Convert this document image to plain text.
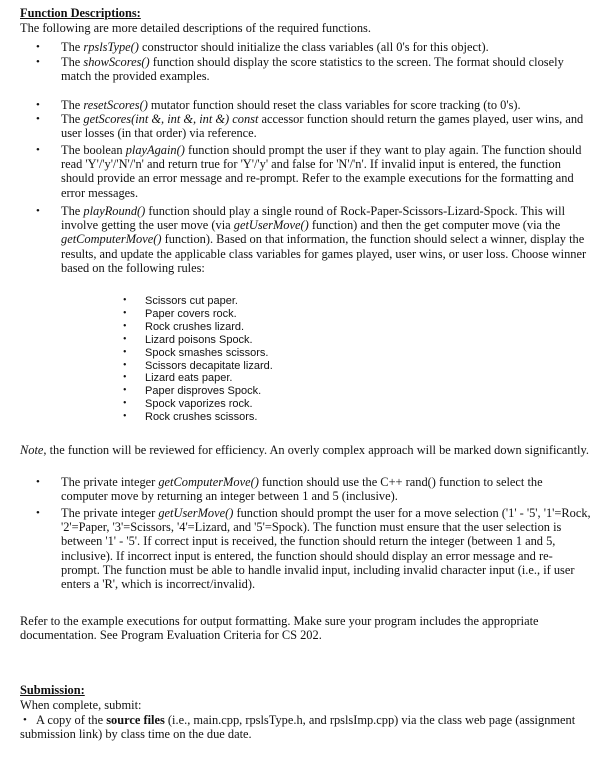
Function Descriptions:
The following are more detailed descriptions of the required functions.
• The rpslsType() constructor should initialize the class variables (all 0's for this object).
• The showScores() function should display the score statistics to the screen. The format should closely match the provided examples.
• The resetScores() mutator function should reset the class variables for score tracking (to 0's).
• The getScores(int &, int &, int &) const accessor function should return the games played, user wins, and user losses (in that order) via reference.
• The boolean playAgain() function should prompt the user if they want to play again. The function should read 'Y'/'y'/'N'/'n' and return true for 'Y'/'y' and false for 'N'/'n'. If invalid input is entered, the function should provide an error message and re-prompt. Refer to the example executions for the formatting and error messages.
• The playRound() function should play a single round of Rock-Paper-Scissors-Lizard-Spock. This will involve getting the user move (via getUserMove() function) and then the get computer move (via the getComputerMove() function). Based on that information, the function should select a winner, display the results, and update the applicable class variables for games played, user wins, or user loss. Choose winner based on the following rules:
• Scissors cut paper.
• Paper covers rock.
• Rock crushes lizard.
• Lizard poisons Spock.
• Spock smashes scissors.
• Scissors decapitate lizard.
• Lizard eats paper.
• Paper disproves Spock.
• Spock vaporizes rock.
• Rock crushes scissors.
Note, the function will be reviewed for efficiency. An overly complex approach will be marked down significantly.
• The private integer getComputerMove() function should use the C++ rand() function to select the computer move by returning an integer between 1 and 5 (inclusive).
• The private integer getUserMove() function should prompt the user for a move selection ('1' - '5', '1'=Rock, '2'=Paper, '3'=Scissors, '4'=Lizard, and '5'=Spock). The function must ensure that the user selection is between '1' - '5'. If correct input is received, the function should return the integer (between 1 and 5, inclusive). If incorrect input is entered, the function should should display an error message and re-prompt. The function must be able to handle invalid input, including invalid character input (i.e., if user enters a 'R', which is incorrect/invalid).
Refer to the example executions for output formatting. Make sure your program includes the appropriate documentation. See Program Evaluation Criteria for CS 202.
Submission:
When complete, submit:
• A copy of the source files (i.e., main.cpp, rpslsType.h, and rpslsImp.cpp) via the class web page (assignment submission link) by class time on the due date.
